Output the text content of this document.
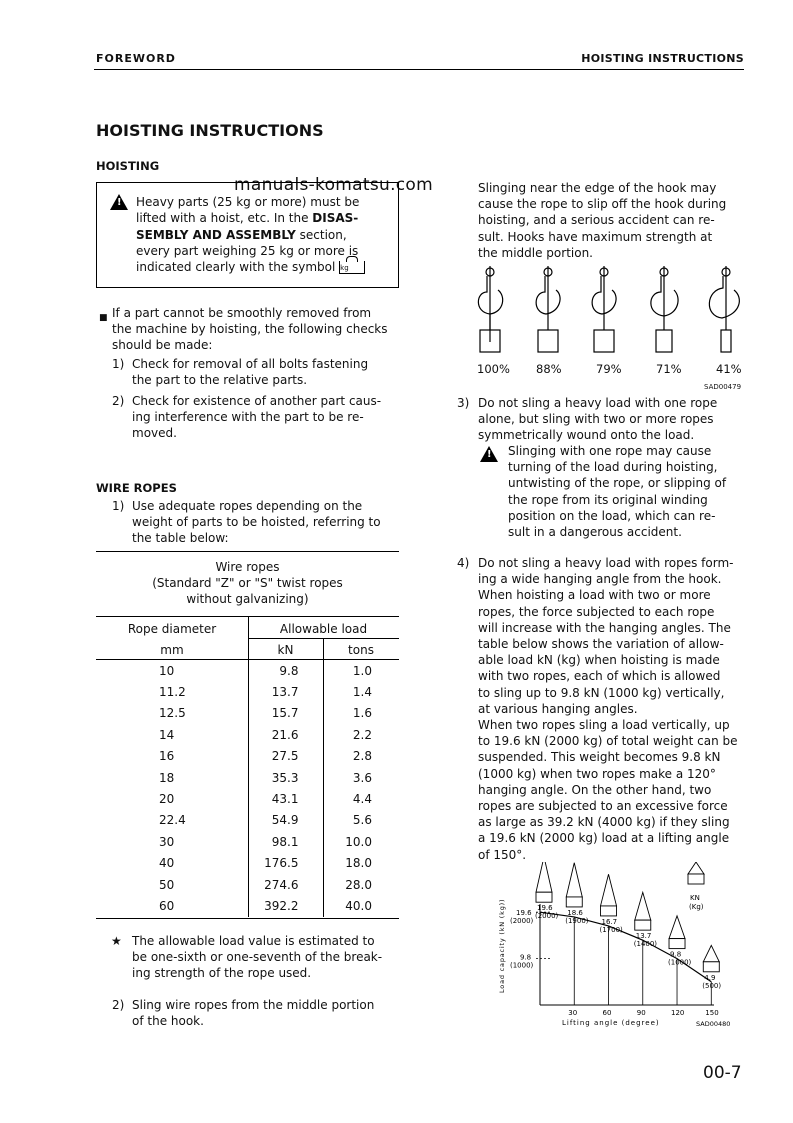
FOREWORD	HOISTING INSTRUCTIONS
HOISTING INSTRUCTIONS
HOISTING
manuals-komatsu.com
! Heavy parts (25 kg or more) must be
lifted with a hoist, etc. In the DISAS-
SEMBLY AND ASSEMBLY section,
every part weighing 25 kg or more is
indicated clearly with the symbol kg
■ If a part cannot be smoothly removed from
the machine by hoisting, the following checks
should be made:
1) Check for removal of all bolts fastening
the part to the relative parts.
2) Check for existence of another part caus-
ing interference with the part to be re-
moved.
WIRE ROPES
1) Use adequate ropes depending on the
weight of parts to be hoisted, referring to
the table below:
Wire ropes
(Standard "Z" or "S" twist ropes
without galvanizing)
Rope diameter	Allowable load
mm	kN	tons
10	9.8	1.0
11.2	13.7	1.4
12.5	15.7	1.6
14	21.6	2.2
16	27.5	2.8
18	35.3	3.6
20	43.1	4.4
22.4	54.9	5.6
30	98.1	10.0
40	176.5	18.0
50	274.6	28.0
60	392.2	40.0
★ The allowable load value is estimated to
be one-sixth or one-seventh of the break-
ing strength of the rope used.
2) Sling wire ropes from the middle portion
of the hook.
Slinging near the edge of the hook may
cause the rope to slip off the hook during
hoisting, and a serious accident can re-
sult. Hooks have maximum strength at
the middle portion.
100% 88%	79%	71%	41%
SAD00479
3) Do not sling a heavy load with one rope
alone, but sling with two or more ropes
symmetrically wound onto the load.
! Slinging with one rope may cause
turning of the load during hoisting,
untwisting of the rope, or slipping of
the rope from its original winding
position on the load, which can re-
sult in a dangerous accident.
4) Do not sling a heavy load with ropes form-
ing a wide hanging angle from the hook.
When hoisting a load with two or more
ropes, the force subjected to each rope
will increase with the hanging angles. The
table below shows the variation of allow-
able load kN (kg) when hoisting is made
with two ropes, each of which is allowed
to sling up to 9.8 kN (1000 kg) vertically,
at various hanging angles.
When two ropes sling a load vertically, up
to 19.6 kN (2000 kg) of total weight can be
suspended. This weight becomes 9.8 kN
(1000 kg) when two ropes make a 120°
hanging angle. On the other hand, two
ropes are subjected to an excessive force
as large as 39.2 kN (4000 kg) if they sling
a 19.6 kN (2000 kg) load at a lifting angle
of 150°.
19.6
(2000) 18.6
(1900) 16.7
(1700)
13.7
(1400)
9.8
(1000)
4.9
(500)
30	60	90	120	150
19.6
(2000)
9.8
(1000)
Lifting angle (degree)
Load capacity (kN (kg))
KN
(Kg)
SAD00480
00-7
